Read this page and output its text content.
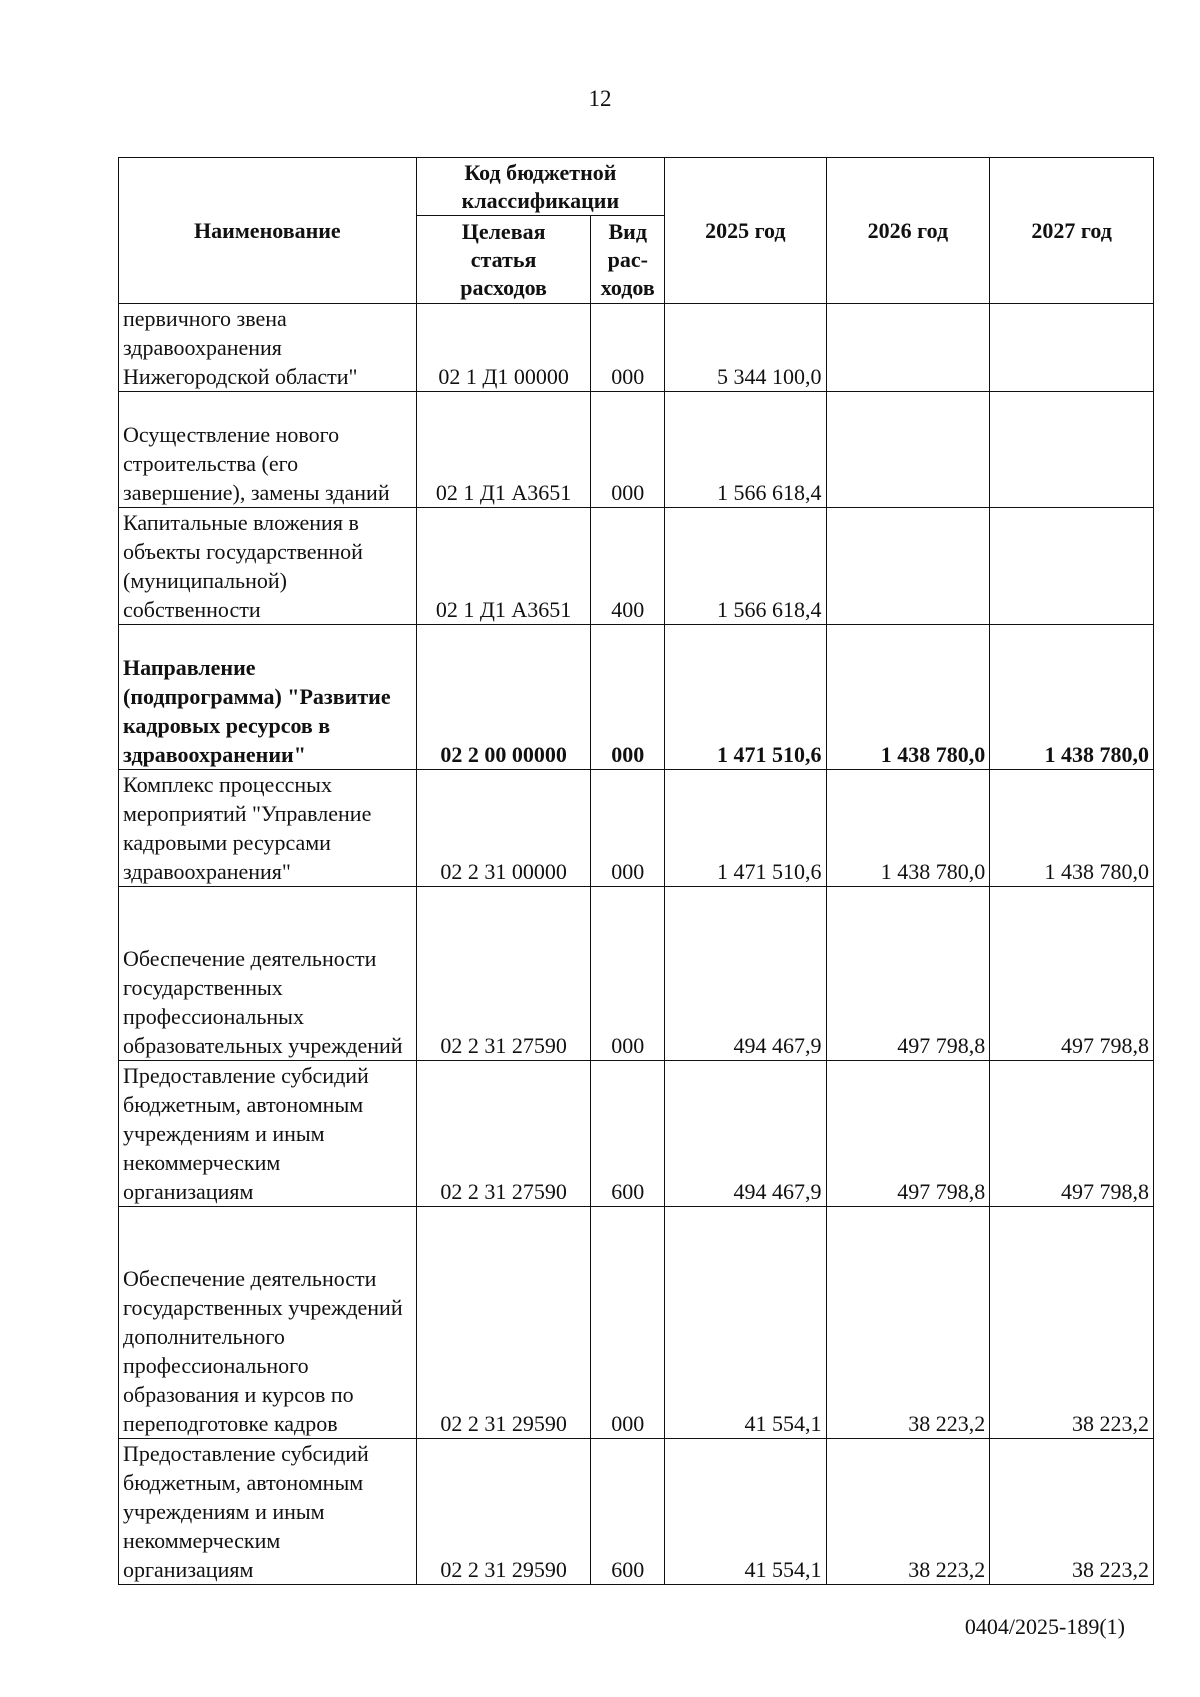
12
Наименование	Код бюджетной классификации		2025 год	2026 год	2027 год
	Целевая статья расходов	Вид рас-ходов			
первичного звена здравоохранения Нижегородской области"	02 1 Д1 00000	000	5 344 100,0		
Осуществление нового строительства (его завершение), замены зданий	02 1 Д1 А3651	000	1 566 618,4		
Капитальные вложения в объекты государственной (муниципальной) собственности	02 1 Д1 А3651	400	1 566 618,4		
Направление (подпрограмма) "Развитие кадровых ресурсов в здравоохранении"	02 2 00 00000	000	1 471 510,6	1 438 780,0	1 438 780,0
Комплекс процессных мероприятий "Управление кадровыми ресурсами здравоохранения"	02 2 31 00000	000	1 471 510,6	1 438 780,0	1 438 780,0
Обеспечение деятельности государственных профессиональных образовательных учреждений	02 2 31 27590	000	494 467,9	497 798,8	497 798,8
Предоставление субсидий бюджетным, автономным учреждениям и иным некоммерческим организациям	02 2 31 27590	600	494 467,9	497 798,8	497 798,8
Обеспечение деятельности государственных учреждений дополнительного профессионального образования и курсов по переподготовке кадров	02 2 31 29590	000	41 554,1	38 223,2	38 223,2
Предоставление субсидий бюджетным, автономным учреждениям и иным некоммерческим организациям	02 2 31 29590	600	41 554,1	38 223,2	38 223,2
0404/2025-189(1)
